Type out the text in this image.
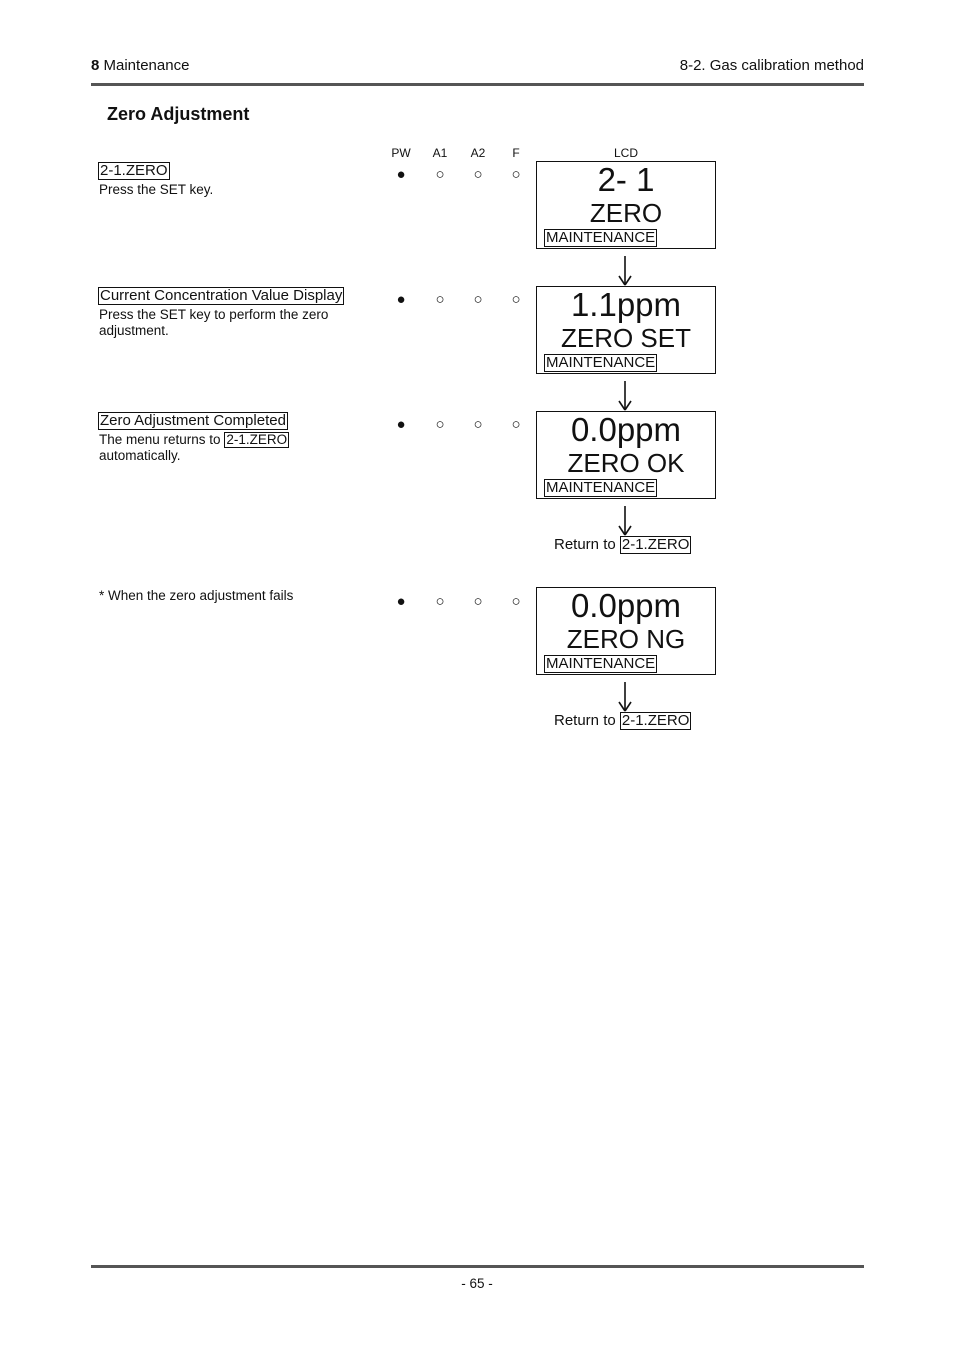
8 Maintenance	8-2. Gas calibration method
Zero Adjustment
PW	A1	A2	F	LCD
2-1.ZERO
Press the SET key.
●	○	○	○	2- 1
ZERO
MAINTENANCE
Current Concentration Value Display
Press the SET key to perform the zero adjustment.
●	○	○	○	1.1ppm
ZERO SET
MAINTENANCE
Zero Adjustment Completed
The menu returns to 2-1.ZERO
automatically.
●	○	○	○	0.0ppm
ZERO OK
MAINTENANCE
Return to 2-1.ZERO
* When the zero adjustment fails	●	○	○	○	0.0ppm
ZERO NG
MAINTENANCE
Return to 2-1.ZERO
- 65 -
